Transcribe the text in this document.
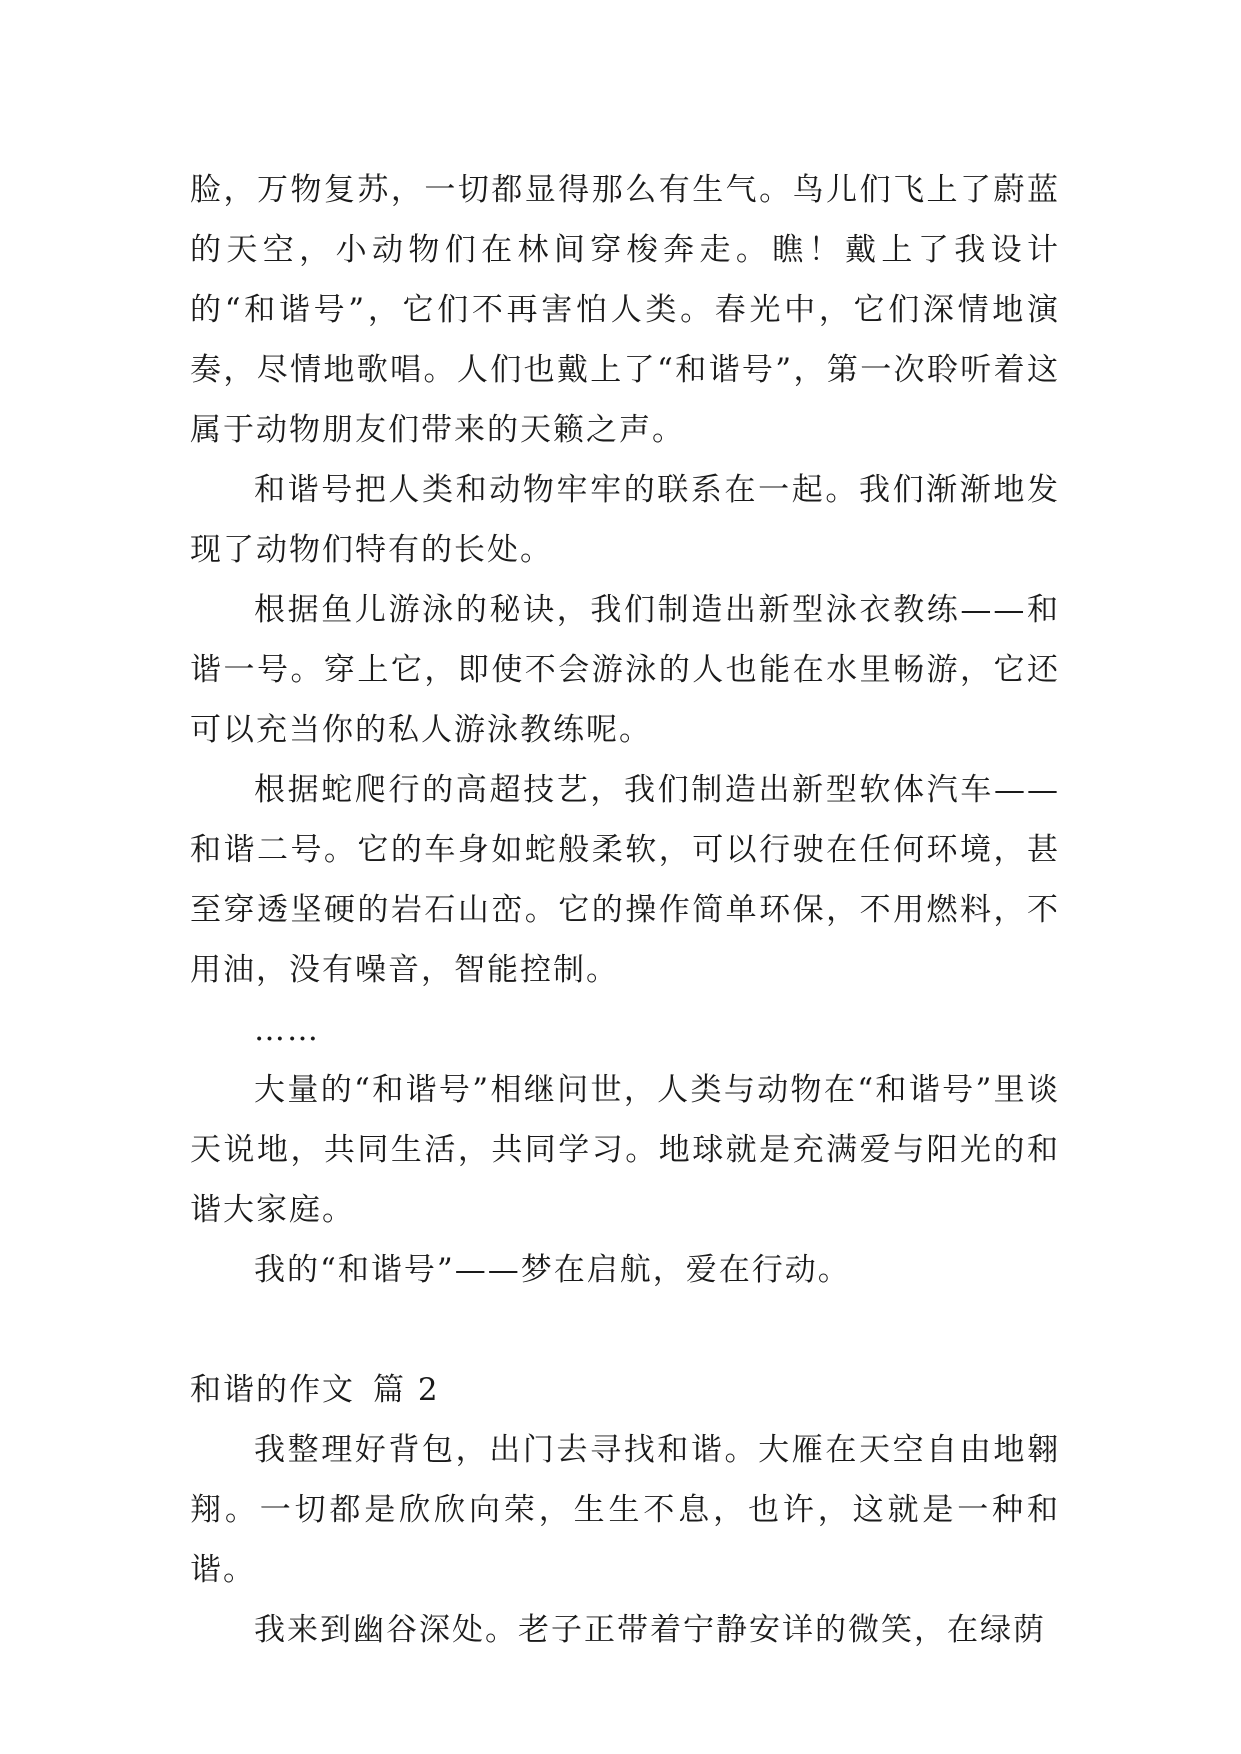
脸，万物复苏，一切都显得那么有生气。鸟儿们飞上了蔚蓝的天空，小动物们在林间穿梭奔走。瞧！戴上了我设计的“和谐号”，它们不再害怕人类。春光中，它们深情地演奏，尽情地歌唱。人们也戴上了“和谐号”，第一次聆听着这属于动物朋友们带来的天籁之声。

和谐号把人类和动物牢牢的联系在一起。我们渐渐地发现了动物们特有的长处。

根据鱼儿游泳的秘诀，我们制造出新型泳衣教练——和谐一号。穿上它，即使不会游泳的人也能在水里畅游，它还可以充当你的私人游泳教练呢。

根据蛇爬行的高超技艺，我们制造出新型软体汽车——和谐二号。它的车身如蛇般柔软，可以行驶在任何环境，甚至穿透坚硬的岩石山峦。它的操作简单环保，不用燃料，不用油，没有噪音，智能控制。

……

大量的“和谐号”相继问世，人类与动物在“和谐号”里谈天说地，共同生活，共同学习。地球就是充满爱与阳光的和谐大家庭。

我的“和谐号”——梦在启航，爱在行动。

和谐的作文 篇 2

我整理好背包，出门去寻找和谐。大雁在天空自由地翱翔。一切都是欣欣向荣，生生不息，也许，这就是一种和谐。

我来到幽谷深处。老子正带着宁静安详的微笑，在绿荫
